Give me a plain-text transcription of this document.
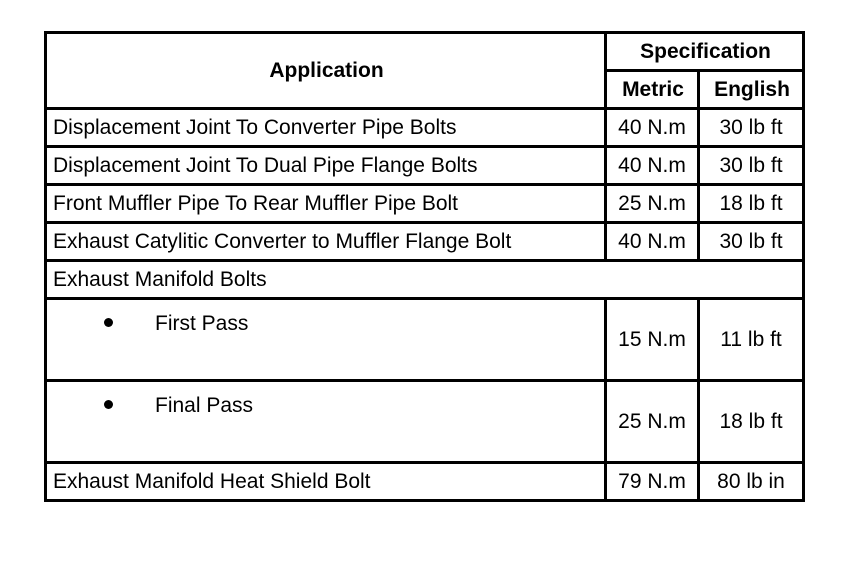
Application	Specification	
	Metric	English
Displacement Joint To Converter Pipe Bolts	40 N.m	30 lb ft
Displacement Joint To Dual Pipe Flange Bolts	40 N.m	30 lb ft
Front Muffler Pipe To Rear Muffler Pipe Bolt	25 N.m	18 lb ft
Exhaust Catylitic Converter to Muffler Flange Bolt	40 N.m	30 lb ft
Exhaust Manifold Bolts		
First Pass	15 N.m	11 lb ft
Final Pass	25 N.m	18 lb ft
Exhaust Manifold Heat Shield Bolt	79 N.m	80 lb in
